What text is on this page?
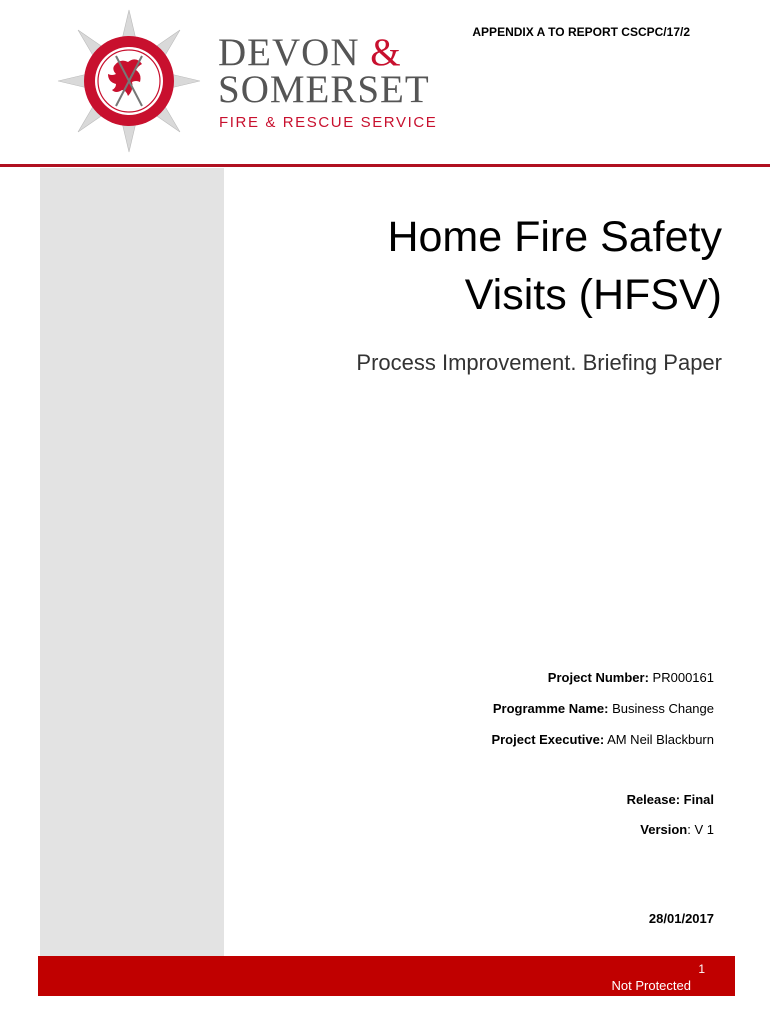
DEVON &
SOMERSET
FIRE & RESCUE SERVICE
APPENDIX A TO REPORT CSCPC/17/2
Home Fire Safety
Visits (HFSV)
Process Improvement. Briefing Paper
Project Number: PR000161
Programme Name: Business Change
Project Executive: AM Neil Blackburn
Release: Final
Version: V 1
28/01/2017
1
Not Protected
